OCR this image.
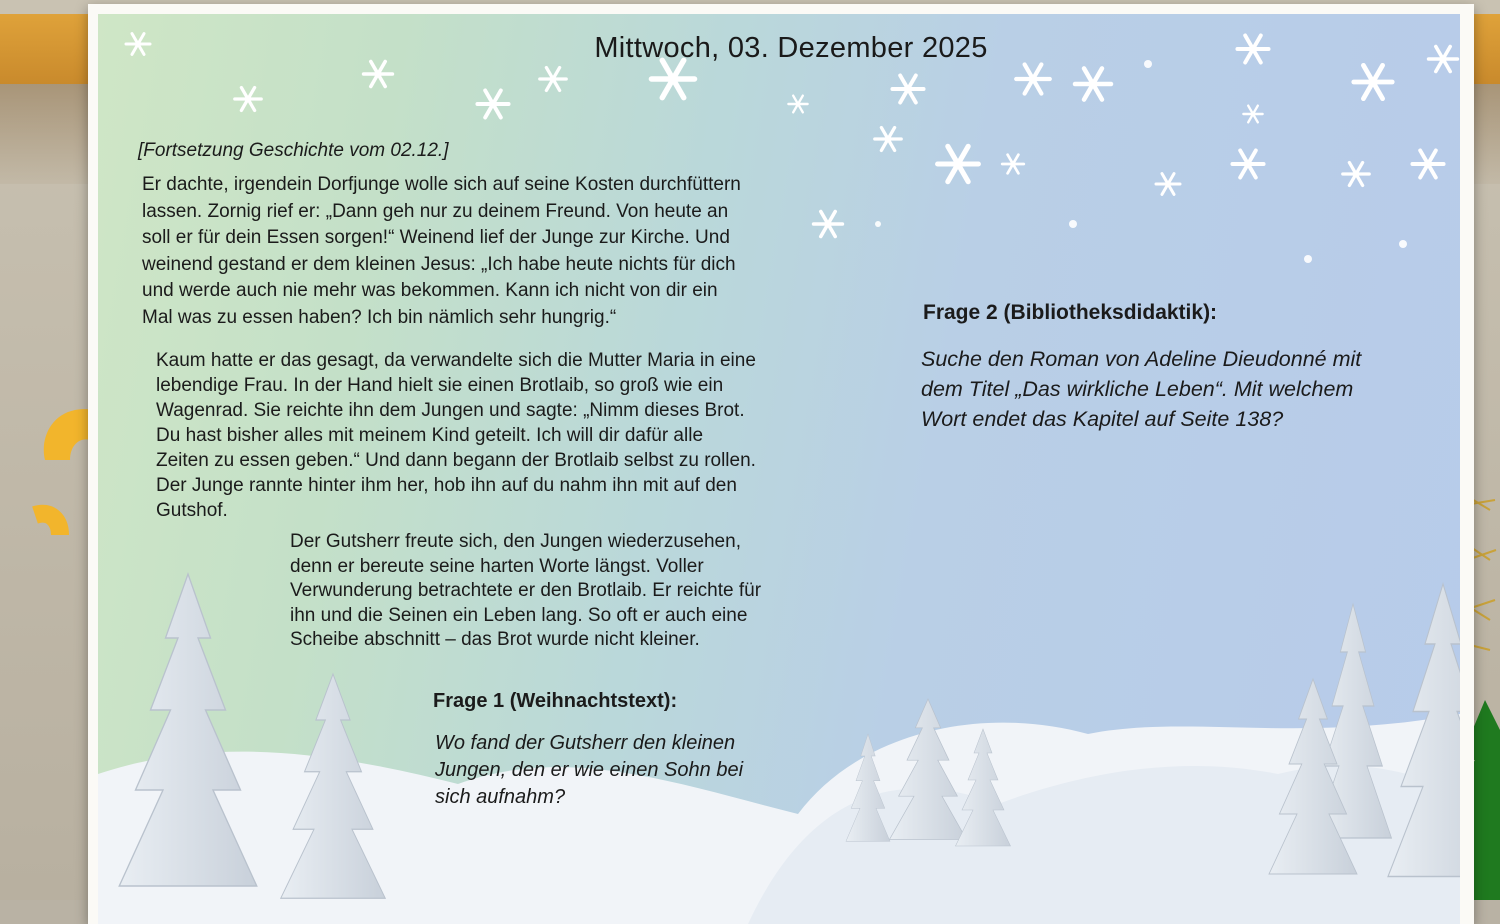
Mittwoch, 03. Dezember 2025
[Fortsetzung Geschichte vom 02.12.]
Er dachte, irgendein Dorfjunge wolle sich auf seine Kosten durchfüttern
lassen. Zornig rief er: „Dann geh nur zu deinem Freund. Von heute an
soll er für dein Essen sorgen!“ Weinend lief der Junge zur Kirche. Und
weinend gestand er dem kleinen Jesus: „Ich habe heute nichts für dich
und werde auch nie mehr was bekommen. Kann ich nicht von dir ein
Mal was zu essen haben? Ich bin nämlich sehr hungrig.“
Kaum hatte er das gesagt, da verwandelte sich die Mutter Maria in eine
lebendige Frau. In der Hand hielt sie einen Brotlaib, so groß wie ein
Wagenrad. Sie reichte ihn dem Jungen und sagte: „Nimm dieses Brot.
Du hast bisher alles mit meinem Kind geteilt. Ich will dir dafür alle
Zeiten zu essen geben.“ Und dann begann der Brotlaib selbst zu rollen.
Der Junge rannte hinter ihm her, hob ihn auf du nahm ihn mit auf den
Gutshof.
Der Gutsherr freute sich, den Jungen wiederzusehen,
denn er bereute seine harten Worte längst. Voller
Verwunderung betrachtete er den Brotlaib. Er reichte für
ihn und die Seinen ein Leben lang. So oft er auch eine
Scheibe abschnitt – das Brot wurde nicht kleiner.
Frage 1 (Weihnachtstext):
Wo fand der Gutsherr den kleinen
Jungen, den er wie einen Sohn bei
sich aufnahm?
Frage 2 (Bibliotheksdidaktik):
Suche den Roman von Adeline Dieudonné mit
dem Titel „Das wirkliche Leben“. Mit welchem
Wort endet das Kapitel auf Seite 138?
